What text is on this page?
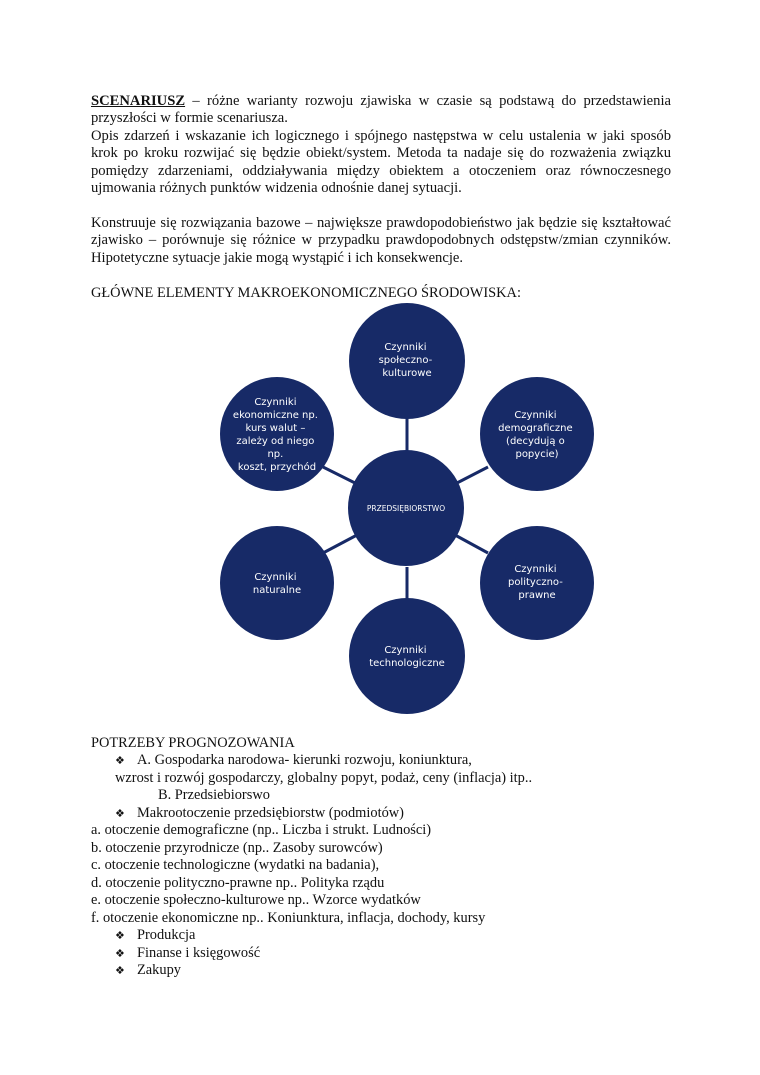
SCENARIUSZ – różne warianty rozwoju zjawiska w czasie są podstawą do przedstawienia przyszłości w formie scenariusza.
Opis zdarzeń i wskazanie ich logicznego i spójnego następstwa w celu ustalenia w jaki sposób krok po kroku rozwijać się będzie obiekt/system. Metoda ta nadaje się do rozważenia związku pomiędzy zdarzeniami, oddziaływania między obiektem a otoczeniem oraz równoczesnego ujmowania różnych punktów widzenia odnośnie danej sytuacji.
Konstruuje się rozwiązania bazowe – największe prawdopodobieństwo jak będzie się kształtować zjawisko – porównuje się różnice w przypadku prawdopodobnych odstępstw/zmian czynników. Hipotetyczne sytuacje jakie mogą wystąpić i ich konsekwencje.
GŁÓWNE ELEMENTY MAKROEKONOMICZNEGO ŚRODOWISKA:
PRZEDSIĘBIORSTWO
Czynniki społeczno- kulturowe
Czynniki demograficzne (decydują o popycie)
Czynniki polityczno- prawne
Czynniki technologiczne
Czynniki naturalne
Czynniki ekonomiczne np. kurs walut – zależy od niego np. koszt, przychód
POTRZEBY PROGNOZOWANIA
❖ A. Gospodarka narodowa- kierunki rozwoju, koniunktura,
wzrost i rozwój gospodarczy, globalny popyt, podaż, ceny (inflacja) itp..
B. Przedsiebiorswo
❖ Makrootoczenie przedsiębiorstw (podmiotów)
a. otoczenie demograficzne (np.. Liczba i strukt. Ludności)
b. otoczenie przyrodnicze (np.. Zasoby surowców)
c. otoczenie technologiczne (wydatki na badania),
d. otoczenie polityczno-prawne np.. Polityka rządu
e. otoczenie społeczno-kulturowe np.. Wzorce wydatków
f. otoczenie ekonomiczne np.. Koniunktura, inflacja, dochody, kursy
❖ Produkcja
❖ Finanse i księgowość
❖ Zakupy
